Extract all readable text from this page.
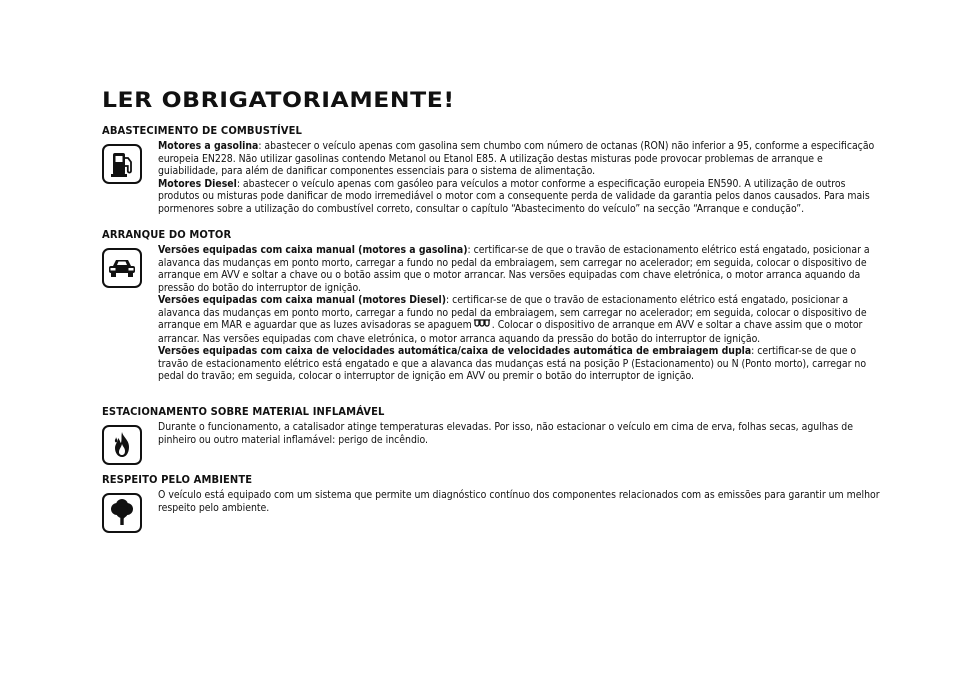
LER OBRIGATORIAMENTE!
ABASTECIMENTO DE COMBUSTÍVEL

Motores a gasolina: abastecer o veículo apenas com gasolina sem chumbo com número de octanas (RON) não inferior a 95, conforme a especificação europeia EN228. Não utilizar gasolinas contendo Metanol ou Etanol E85. A utilização destas misturas pode provocar problemas de arranque e guiabilidade, para além de danificar componentes essenciais para o sistema de alimentação.

Motores Diesel: abastecer o veículo apenas com gasóleo para veículos a motor conforme a especificação europeia EN590. A utilização de outros produtos ou misturas pode danificar de modo irremediável o motor com a consequente perda de validade da garantia pelos danos causados. Para mais pormenores sobre a utilização do combustível correto, consultar o capítulo “Abastecimento do veículo” na secção “Arranque e condução”.

ARRANQUE DO MOTOR

Versões equipadas com caixa manual (motores a gasolina): certificar-se de que o travão de estacionamento elétrico está engatado, posicionar a alavanca das mudanças em ponto morto, carregar a fundo no pedal da embraiagem, sem carregar no acelerador; em seguida, colocar o dispositivo de arranque em AVV e soltar a chave ou o botão assim que o motor arrancar. Nas versões equipadas com chave eletrónica, o motor arranca aquando da pressão do botão do interruptor de ignição.

Versões equipadas com caixa manual (motores Diesel): certificar-se de que o travão de estacionamento elétrico está engatado, posicionar a alavanca das mudanças em ponto morto, carregar a fundo no pedal da embraiagem, sem carregar no acelerador; em seguida, colocar o dispositivo de arranque em MAR e aguardar que as luzes avisadoras se apaguem . Colocar o dispositivo de arranque em AVV e soltar a chave assim que o motor arrancar. Nas versões equipadas com chave eletrónica, o motor arranca aquando da pressão do botão do interruptor de ignição.

Versões equipadas com caixa de velocidades automática/caixa de velocidades automática de embraiagem dupla: certificar-se de que o travão de estacionamento elétrico está engatado e que a alavanca das mudanças está na posição P (Estacionamento) ou N (Ponto morto), carregar no pedal do travão; em seguida, colocar o interruptor de ignição em AVV ou premir o botão do interruptor de ignição.

ESTACIONAMENTO SOBRE MATERIAL INFLAMÁVEL

Durante o funcionamento, a catalisador atinge temperaturas elevadas. Por isso, não estacionar o veículo em cima de erva, folhas secas, agulhas de pinheiro ou outro material inflamável: perigo de incêndio.

RESPEITO PELO AMBIENTE

O veículo está equipado com um sistema que permite um diagnóstico contínuo dos componentes relacionados com as emissões para garantir um melhor respeito pelo ambiente.
